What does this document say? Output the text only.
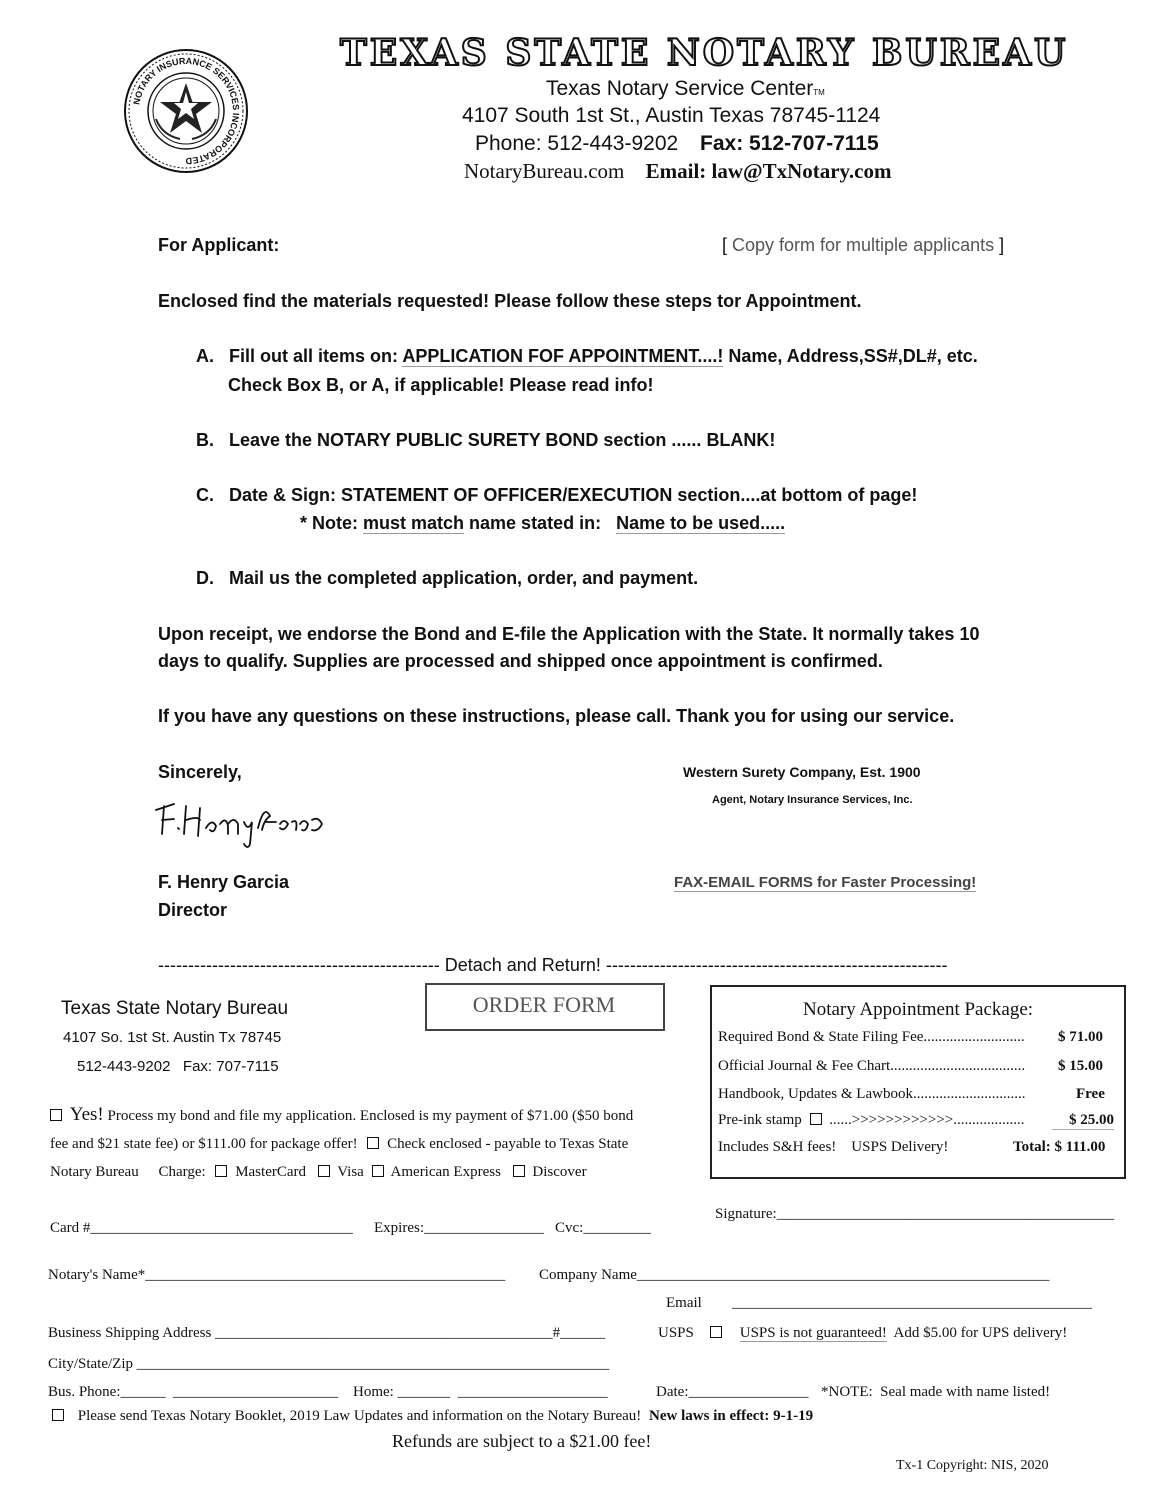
NOTARY INSURANCE SERVICES INCORPORATED
TEXAS STATE NOTARY BUREAU
Texas Notary Service CenterTM
4107 South 1st St., Austin Texas 78745-1124
Phone: 512-443-9202 Fax: 512-707-7115
NotaryBureau.com Email: law@TxNotary.com
For Applicant:	[ Copy form for multiple applicants ]
Enclosed find the materials requested! Please follow these steps tor Appointment.
A. Fill out all items on: APPLICATION FOF APPOINTMENT....! Name, Address,SS#,DL#, etc.
Check Box B, or A, if applicable! Please read info!
B. Leave the NOTARY PUBLIC SURETY BOND section ...... BLANK!
C. Date & Sign: STATEMENT OF OFFICER/EXECUTION section....at bottom of page!
* Note: must match name stated in:   Name to be used.....
D. Mail us the completed application, order, and payment.
Upon receipt, we endorse the Bond and E-file the Application with the State. It normally takes 10
days to qualify. Supplies are processed and shipped once appointment is confirmed.
If you have any questions on these instructions, please call. Thank you for using our service.
Sincerely,
F. Henry Garcia
Director
Western Surety Company, Est. 1900
Agent, Notary Insurance Services, Inc.
FAX-EMAIL FORMS for Faster Processing!
----------------------------------------------- Detach and Return! ---------------------------------------------------------
Texas State Notary Bureau
4107 So. 1st St. Austin Tx 78745
512-443-9202   Fax: 707-7115
ORDER FORM	Notary Appointment Package:
Required Bond & State Filing Fee........................... $ 71.00
Official Journal & Fee Chart.................................... $ 15.00
Handbook, Updates & Lawbook..............................	Free
Pre-ink stamp ......>>>>>>>>>>>>...................	$ 25.00
Includes S&H fees!    USPS Delivery!	Total: $ 111.00
Yes! Process my bond and file my application. Enclosed is my payment of $71.00 ($50 bond
fee and $21 state fee) or $111.00 for package offer! Check enclosed - payable to Texas State
Notary Bureau Charge: MasterCard Visa American Express Discover
Signature:_____________________________________________
Card #___________________________________ Expires:________________ Cvc:_________
Notary's Name*________________________________________________ Company Name_______________________________________________________
Email ________________________________________________
Business Shipping Address _____________________________________________#______	USPS	USPS is not guaranteed!  Add $5.00 for UPS delivery!
City/State/Zip _______________________________________________________________
Bus. Phone:______  ______________________ Home: _______  ____________________	Date:________________ *NOTE:  Seal made with name listed!
Please send Texas Notary Booklet, 2019 Law Updates and information on the Notary Bureau! New laws in effect: 9-1-19
Refunds are subject to a $21.00 fee!
Tx-1 Copyright: NIS, 2020
